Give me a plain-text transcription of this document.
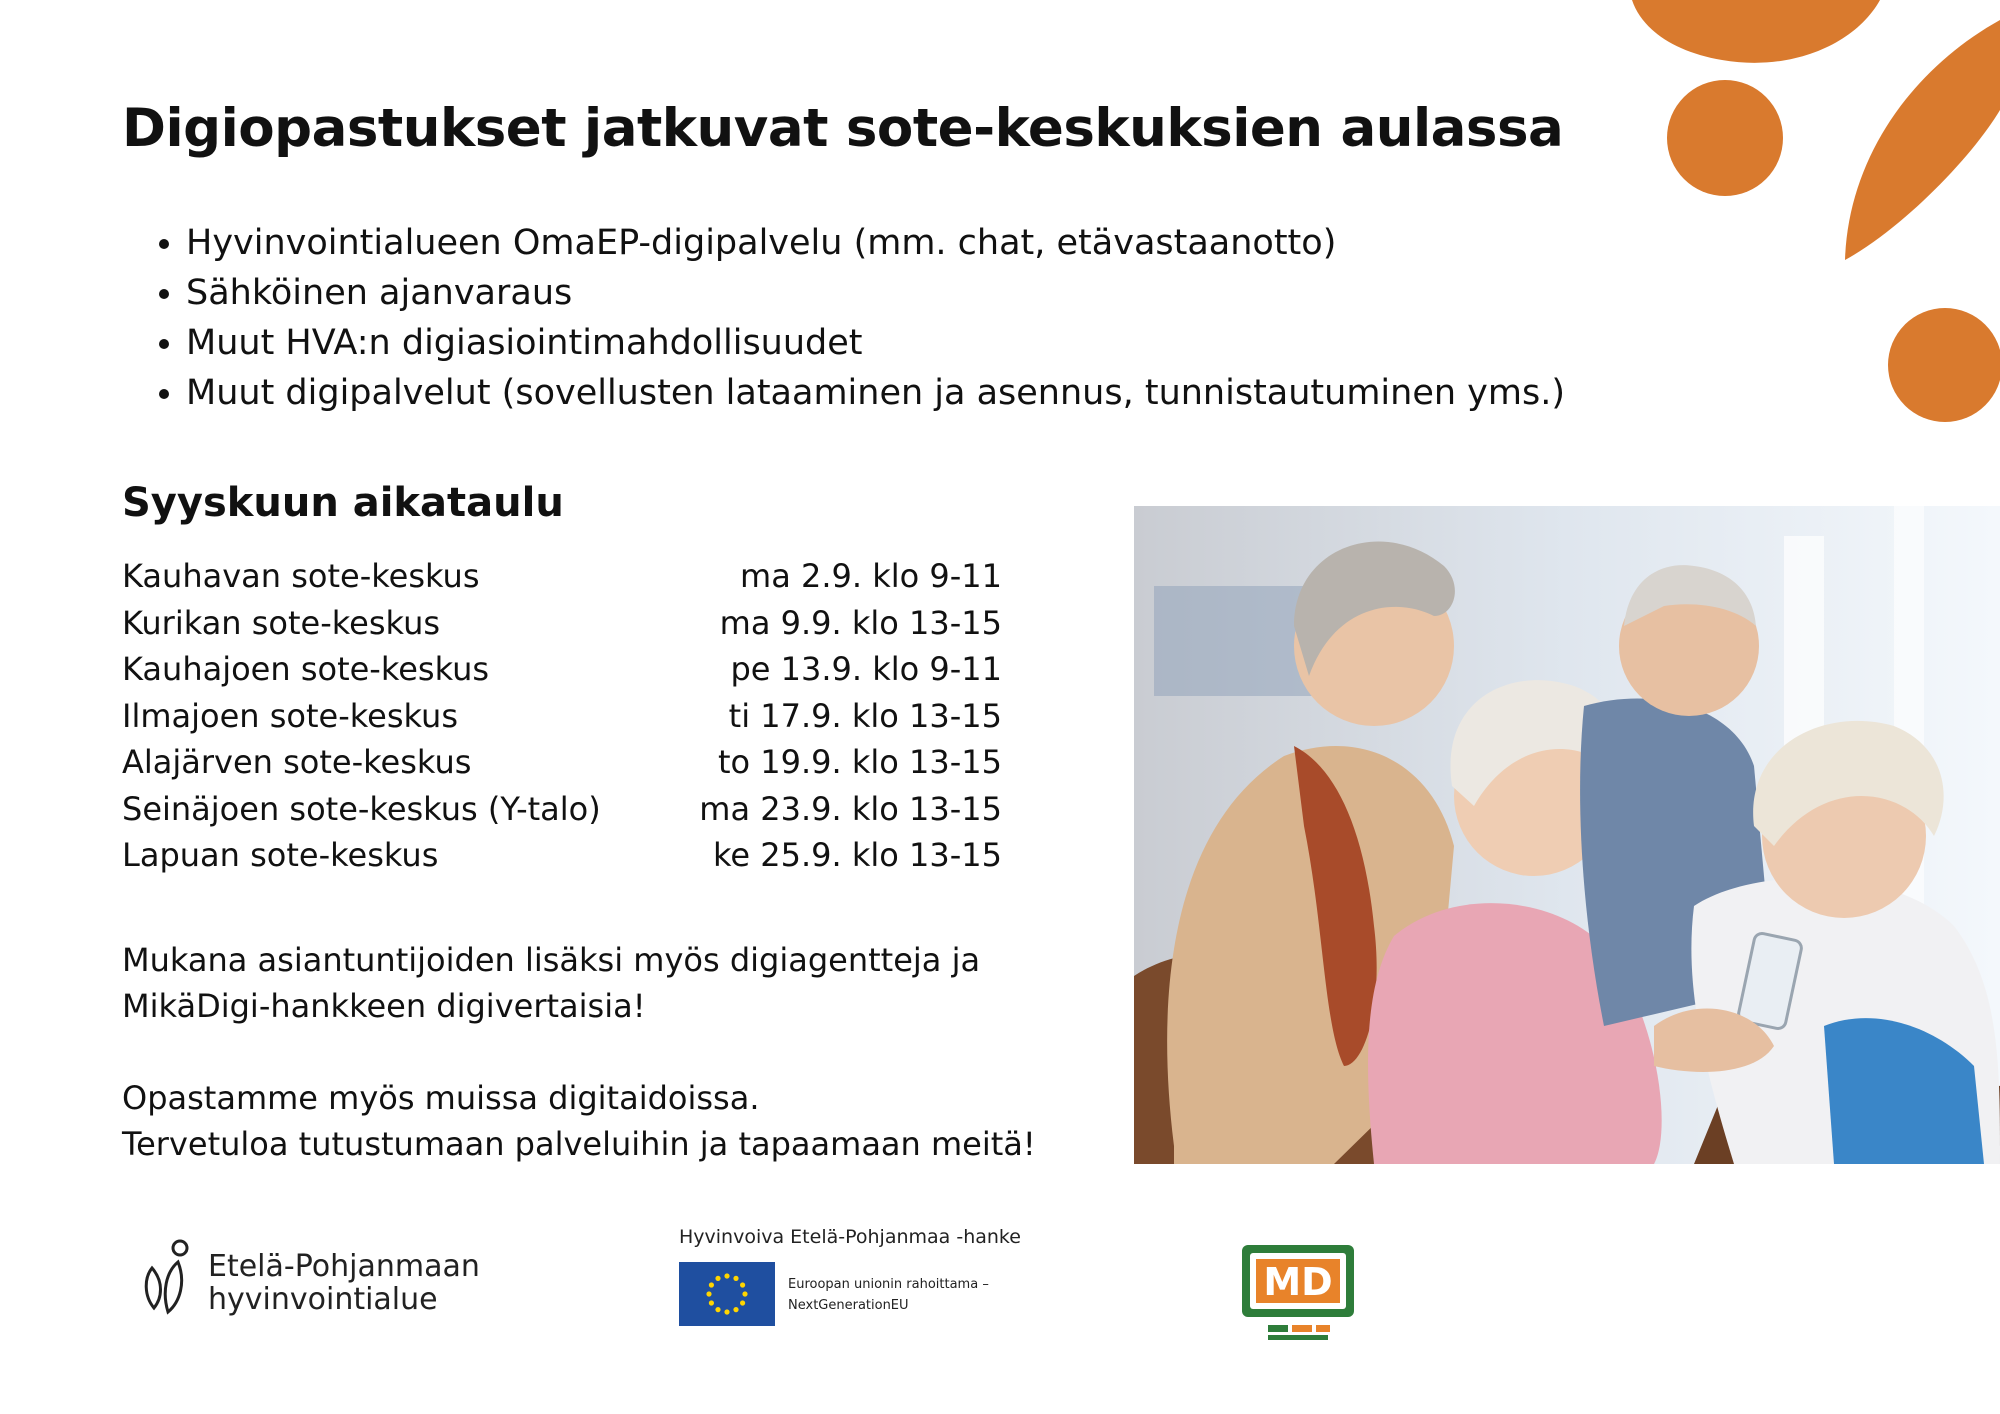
Digiopastukset jatkuvat sote-keskuksien aulassa
• Hyvinvointialueen OmaEP-digipalvelu (mm. chat, etävastaanotto)
• Sähköinen ajanvaraus
• Muut HVA:n digiasiointimahdollisuudet
• Muut digipalvelut (sovellusten lataaminen ja asennus, tunnistautuminen yms.)
Syyskuun aikataulu
Kauhavan sote-keskus	ma 2.9. klo 9-11
Kurikan sote-keskus	ma 9.9. klo 13-15
Kauhajoen sote-keskus	pe 13.9. klo 9-11
Ilmajoen sote-keskus	ti 17.9. klo 13-15
Alajärven sote-keskus	to 19.9. klo 13-15
Seinäjoen sote-keskus (Y-talo)	ma 23.9. klo 13-15
Lapuan sote-keskus	ke 25.9. klo 13-15

Mukana asiantuntijoiden lisäksi myös digiagentteja ja
MikäDigi-hankkeen digivertaisia!

Opastamme myös muissa digitaidoissa.
Tervetuloa tutustumaan palveluihin ja tapaamaan meitä!

Etelä-Pohjanmaan
hyvinvointialue
Hyvinvoiva Etelä-Pohjanmaa -hanke
Euroopan unionin rahoittama –
NextGenerationEU
MD
